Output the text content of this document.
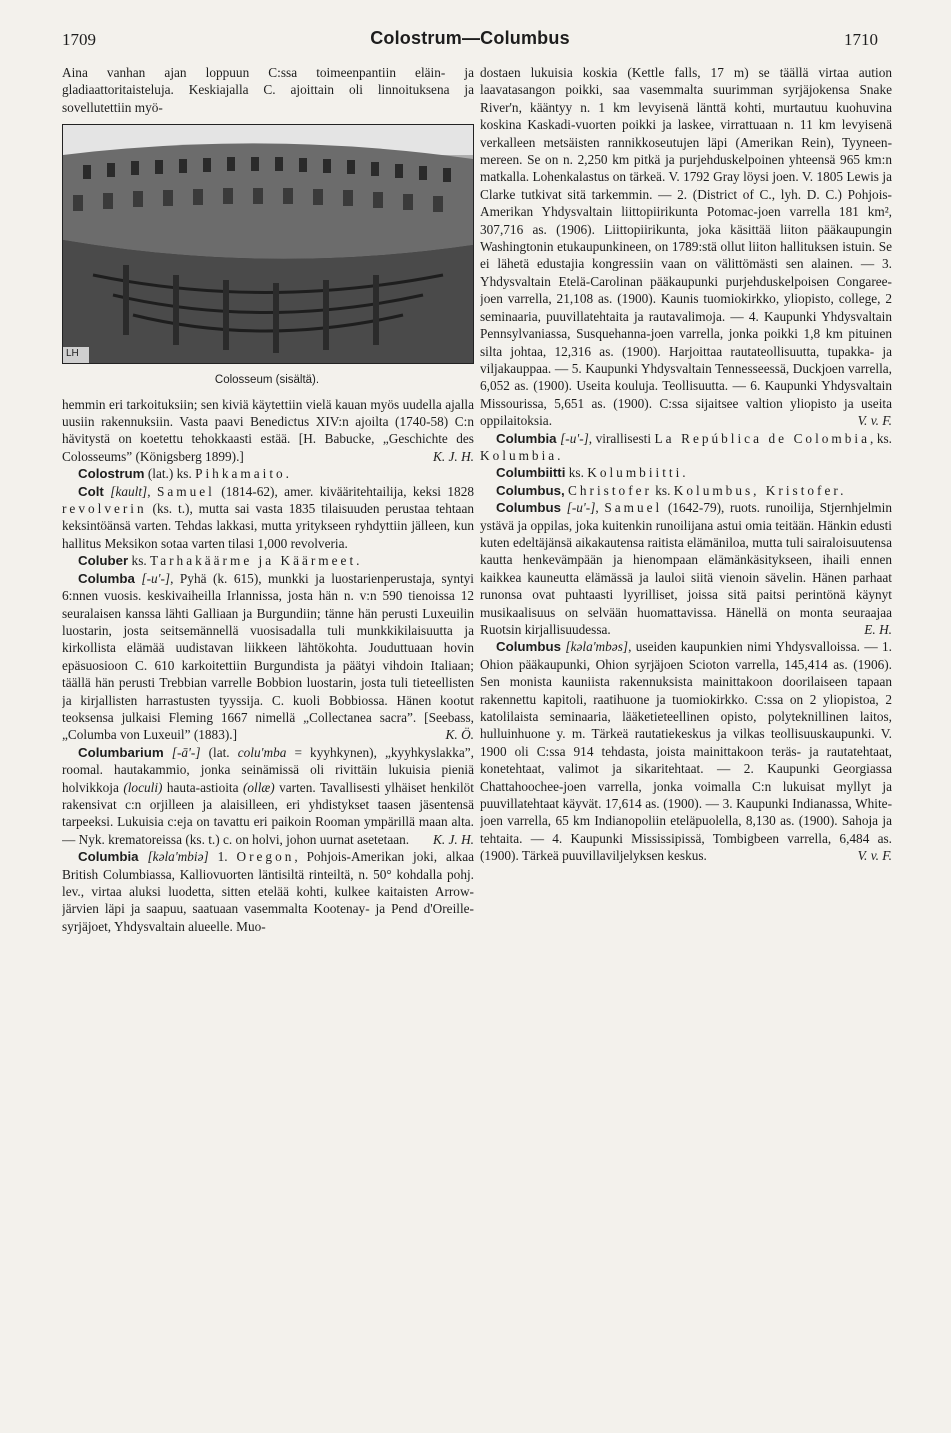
1709	Colostrum—Columbus	1710

Aina vanhan ajan loppuun C:ssa toimeenpantiin eläin- ja gladiaattoritaisteluja. Keskiajalla C. ajoittain oli linnoituksena ja sovellutettiin myö-

LH
Colosseum (sisältä).

hemmin eri tarkoituksiin; sen kiviä käytettiin vielä kauan myös uudella ajalla uusiin rakennuksiin. Vasta paavi Benedictus XIV:n ajoilta (1740-58) C:n hävitystä on koetettu tehokkaasti estää. [H. Babucke, „Geschichte des Colosseums” (Königsberg 1899).]	K. J. H.

Colostrum (lat.) ks. Pihkamaito.

Colt [kault], Samuel (1814-62), amer. kivääritehtailija, keksi 1828 revolverin (ks. t.), mutta sai vasta 1835 tilaisuuden perustaa tehtaan keksintöänsä varten. Tehdas lakkasi, mutta yritykseen ryhdyttiin jälleen, kun hallitus Meksikon sotaa varten tilasi 1,000 revolveria.

Coluber ks. Tarhakäärme ja Käärmeet.

Columba [-u'-], Pyhä (k. 615), munkki ja luostarienperustaja, syntyi 6:nnen vuosis. keskivaiheilla Irlannissa, josta hän n. v:n 590 tienoissa 12 seuralaisen kanssa lähti Galliaan ja Burgundiin; tänne hän perusti Luxeuilin luostarin, josta seitsemännellä vuosisadalla tuli munkkikilaisuutta ja kirkollista elämää uudistavan liikkeen lähtökohta. Jouduttuaan hovin epäsuosioon C. 610 karkoitettiin Burgundista ja päätyi vihdoin Italiaan; täällä hän perusti Trebbian varrelle Bobbion luostarin, josta tuli tieteellisten ja kirjallisten harrastusten tyyssija. C. kuoli Bobbiossa. Hänen kootut teoksensa julkaisi Fleming 1667 nimellä „Collectanea sacra”. [Seebass, „Columba von Luxeuil” (1883).]	K. Ö.

Columbarium [-ā'-] (lat. colu'mba = kyyhkynen), „kyyhkyslakka”, roomal. hautakammio, jonka seinämissä oli rivittäin lukuisia pieniä holvikkoja (loculi) hauta-astioita (ollæ) varten. Tavallisesti ylhäiset henkilöt rakensivat c:n orjilleen ja alaisilleen, eri yhdistykset taasen jäsentensä tarpeeksi. Lukuisia c:eja on tavattu eri paikoin Rooman ympärillä maan alta. — Nyk. krematoreissa (ks. t.) c. on holvi, johon uurnat asetetaan.	K. J. H.

Columbia [kəla'mbiə] 1. Oregon, Pohjois-Amerikan joki, alkaa British Columbiassa, Kalliovuorten läntisiltä rinteiltä, n. 50° kohdalla pohj. lev., virtaa aluksi luodetta, sitten etelää kohti, kulkee kaitaisten Arrow-järvien läpi ja saapuu, saatuaan vasemmalta Kootenay- ja Pend d'Oreille-syrjäjoet, Yhdysvaltain alueelle. Muo-

dostaen lukuisia koskia (Kettle falls, 17 m) se täällä virtaa aution laavatasangon poikki, saa vasemmalta suurimman syrjäjokensa Snake River'n, kääntyy n. 1 km levyisenä länttä kohti, murtautuu kuohuvina koskina Kaskadi-vuorten poikki ja laskee, virrattuaan n. 11 km levyisenä verkalleen metsäisten rannikkoseutujen läpi (Amerikan Rein), Tyyneen-mereen. Se on n. 2,250 km pitkä ja purjehduskelpoinen yhteensä 965 km:n matkalla. Lohenkalastus on tärkeä. V. 1792 Gray löysi joen. V. 1805 Lewis ja Clarke tutkivat sitä tarkemmin. — 2. (District of C., lyh. D. C.) Pohjois-Amerikan Yhdysvaltain liittopiirikunta Potomac-joen varrella 181 km², 307,716 as. (1906). Liittopiirikunta, joka käsittää liiton pääkaupungin Washingtonin etukaupunkineen, on 1789:stä ollut liiton hallituksen istuin. Se ei lähetä edustajia kongressiin vaan on välittömästi sen alainen. — 3. Yhdysvaltain Etelä-Carolinan pääkaupunki purjehduskelpoisen Congaree-joen varrella, 21,108 as. (1900). Kaunis tuomiokirkko, yliopisto, college, 2 seminaaria, puuvillatehtaita ja rautavalimoja. — 4. Kaupunki Yhdysvaltain Pennsylvaniassa, Susquehanna-joen varrella, jonka poikki 1,8 km pituinen silta johtaa, 12,316 as. (1900). Harjoittaa rautateollisuutta, tupakka- ja viljakauppaa. — 5. Kaupunki Yhdysvaltain Tennesseessä, Duckjoen varrella, 6,052 as. (1900). Useita kouluja. Teollisuutta. — 6. Kaupunki Yhdysvaltain Missourissa, 5,651 as. (1900). C:ssa sijaitsee valtion yliopisto ja useita oppilaitoksia.	V. v. F.

Columbia [-u'-], virallisesti La República de Colombia, ks. Kolumbia.

Columbiitti ks. Kolumbiitti.

Columbus, Christofer ks. Kolumbus, Kristofer.

Columbus [-u'-], Samuel (1642-79), ruots. runoilija, Stjernhjelmin ystävä ja oppilas, joka kuitenkin runoilijana astui omia teitään. Hänkin edusti kuten edeltäjänsä aikakautensa raitista elämäniloa, mutta tuli sairaloisuutensa kautta henkevämpään ja hienompaan elämänkäsitykseen, ihaili ennen kaikkea kauneutta elämässä ja lauloi siitä vienoin sävelin. Hänen parhaat runonsa ovat puhtaasti lyyrilliset, joissa sitä paitsi perintönä käynyt musikaalisuus on selvään huomattavissa. Hänellä on monta seuraajaa Ruotsin kirjallisuudessa.	E. H.

Columbus [kəla'mbəs], useiden kaupunkien nimi Yhdysvalloissa. — 1. Ohion pääkaupunki, Ohion syrjäjoen Scioton varrella, 145,414 as. (1906). Sen monista kauniista rakennuksista mainittakoon doorilaiseen tapaan rakennettu kapitoli, raatihuone ja tuomiokirkko. C:ssa on 2 yliopistoa, 2 katolilaista seminaaria, lääketieteellinen opisto, polyteknillinen laitos, hulluinhuone y. m. Tärkeä rautatiekeskus ja vilkas teollisuuskaupunki. V. 1900 oli C:ssa 914 tehdasta, joista mainittakoon teräs- ja rautatehtaat, konetehtaat, valimot ja sikaritehtaat. — 2. Kaupunki Georgiassa Chattahoochee-joen varrella, jonka voimalla C:n lukuisat myllyt ja puuvillatehtaat käyvät. 17,614 as. (1900). — 3. Kaupunki Indianassa, White-joen varrella, 65 km Indianopoliin eteläpuolella, 8,130 as. (1900). Sahoja ja tehtaita. — 4. Kaupunki Mississipissä, Tombigbeen varrella, 6,484 as. (1900). Tärkeä puuvillaviljelyksen keskus.	V. v. F.
